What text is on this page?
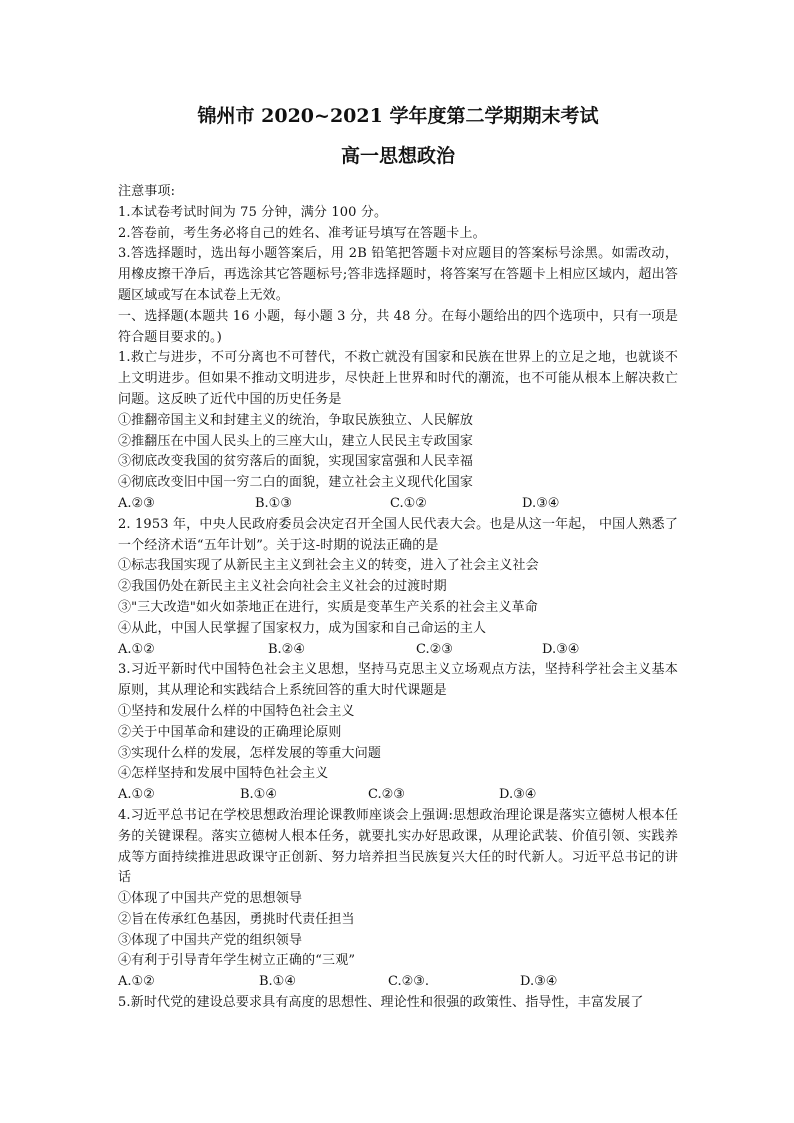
锦州市 2020~2021 学年度第二学期期末考试
高一思想政治
注意事项:
1.本试卷考试时间为 75 分钟，满分 100 分。
2.答卷前，考生务必将自己的姓名、准考证号填写在答题卡上。
3.答选择题时，选出每小题答案后，用 2B 铅笔把答题卡对应题目的答案标号涂黑。如需改动，用橡皮擦干净后，再选涂其它答题标号;答非选择题时，将答案写在答题卡上相应区域内，超出答题区域或写在本试卷上无效。
一、选择题(本题共 16 小题，每小题 3 分，共 48 分。在每小题给出的四个选项中，只有一项是符合题目要求的。)
1.救亡与进步，不可分离也不可替代，不救亡就没有国家和民族在世界上的立足之地，也就谈不上文明进步。但如果不推动文明进步，尽快赶上世界和时代的潮流，也不可能从根本上解决救亡问题。这反映了近代中国的历史任务是
①推翻帝国主义和封建主义的统治，争取民族独立、人民解放
②推翻压在中国人民头上的三座大山，建立人民民主专政国家
③彻底改变我国的贫穷落后的面貌，实现国家富强和人民幸福
④彻底改变旧中国一穷二白的面貌，建立社会主义现代化国家
A.②③	B.①③	C.①②	D.③④
2. 1953 年，中央人民政府委员会决定召开全国人民代表大会。也是从这一年起， 中国人熟悉了一个经济术语“五年计划”。关于这-时期的说法正确的是
①标志我国实现了从新民主主义到社会主义的转变，进入了社会主义社会
②我国仍处在新民主主义社会向社会主义社会的过渡时期
③"三大改造"如火如荼地正在进行，实质是变革生产关系的社会主义革命
④从此，中国人民掌握了国家权力，成为国家和自己命运的主人
A.①②	B.②④	C.②③	D.③④
3.习近平新时代中国特色社会主义思想，坚持马克思主义立场观点方法，坚持科学社会主义基本原则，其从理论和实践结合上系统回答的重大时代课题是
①坚持和发展什么样的中国特色社会主义
②关于中国革命和建设的正确理论原则
③实现什么样的发展，怎样发展的等重大问题
④怎样坚持和发展中国特色社会主义
A.①②	B.①④	C.②③	D.③④
4.习近平总书记在学校思想政治理论课教师座谈会上强调:思想政治理论课是落实立德树人根本任务的关键课程。落实立德树人根本任务，就要扎实办好思政课，从理论武装、价值引领、实践养成等方面持续推进思政课守正创新、努力培养担当民族复兴大任的时代新人。习近平总书记的讲话
①体现了中国共产党的思想领导
②旨在传承红色基因，勇挑时代责任担当
③体现了中国共产党的组织领导
④有利于引导青年学生树立正确的“三观”
A.①②	B.①④	C.②③.	D.③④
5.新时代党的建设总要求具有高度的思想性、理论性和很强的政策性、指导性，丰富发展了
